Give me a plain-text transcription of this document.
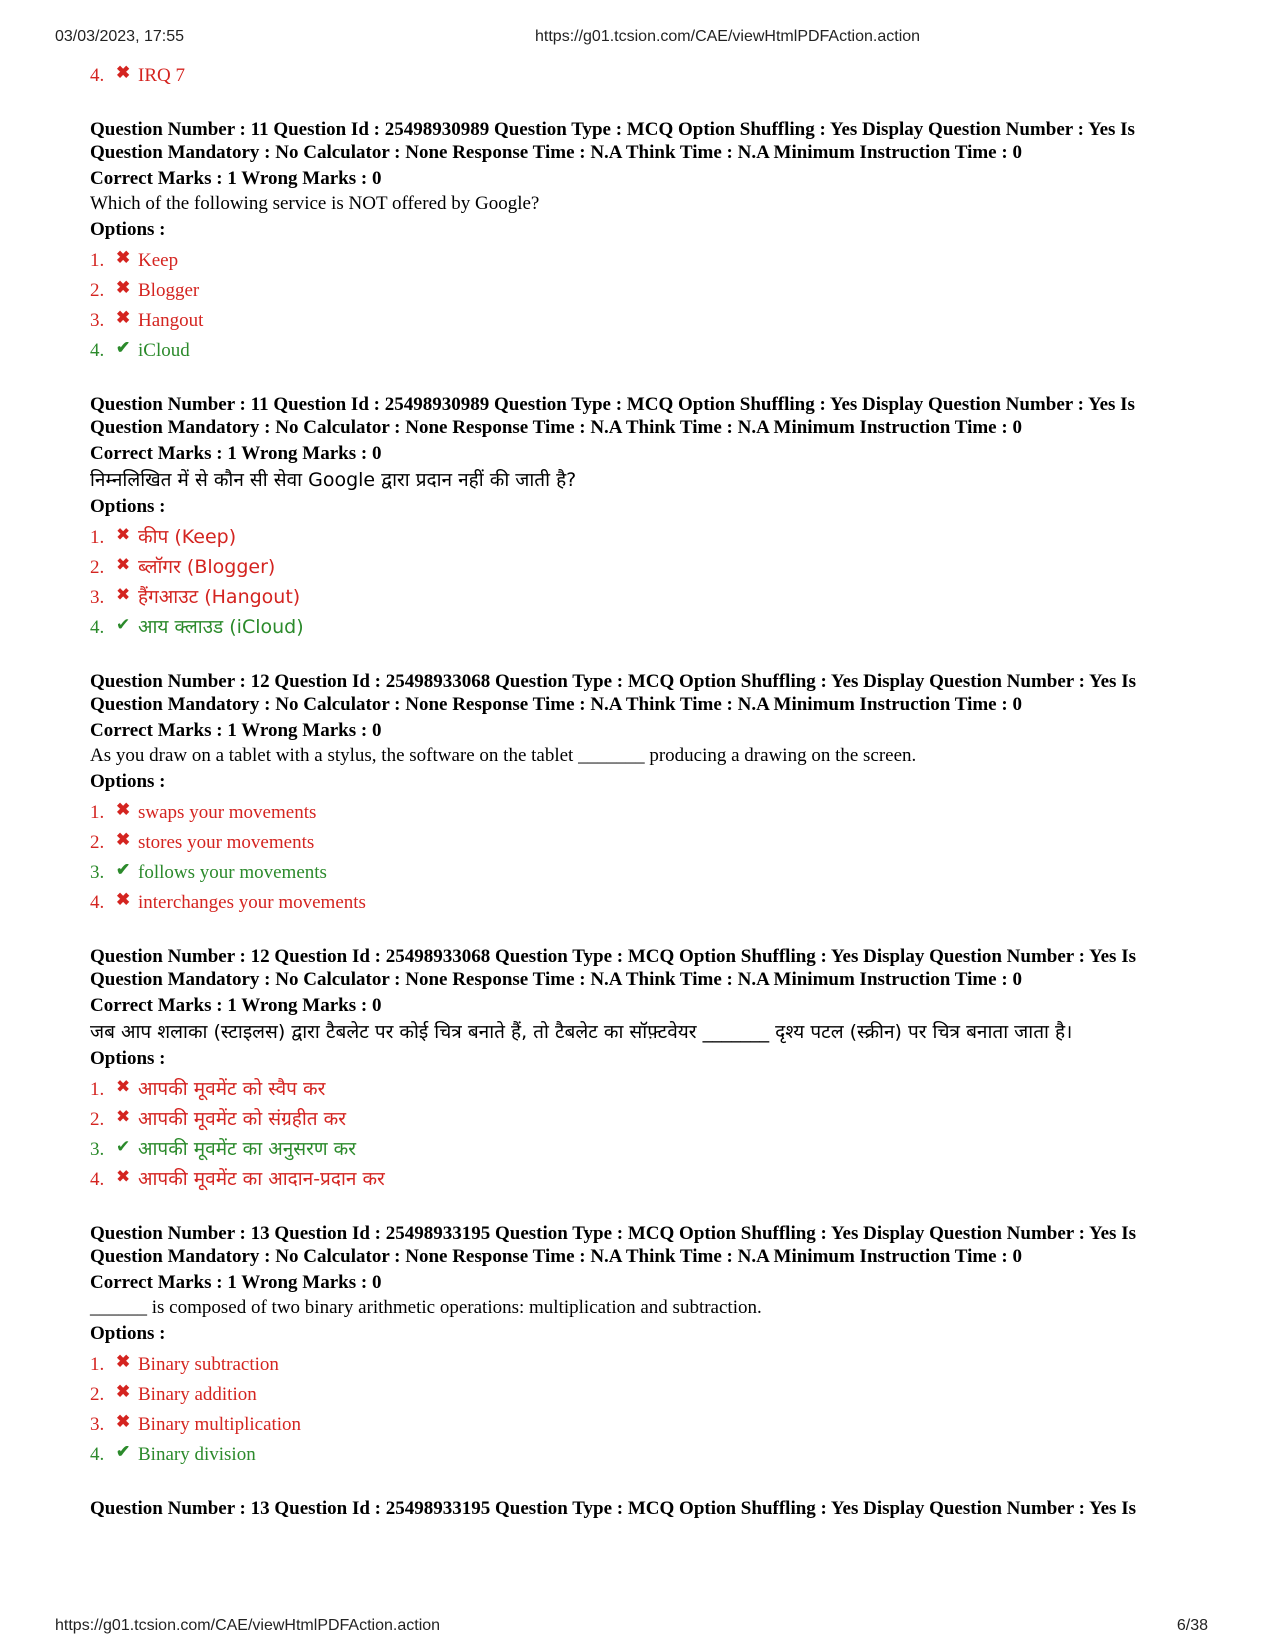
03/03/2023, 17:55	https://g01.tcsion.com/CAE/viewHtmlPDFAction.action
4. ✖ IRQ 7
Question Number : 11 Question Id : 25498930989 Question Type : MCQ Option Shuffling : Yes Display Question Number : Yes Is
Question Mandatory : No Calculator : None Response Time : N.A Think Time : N.A Minimum Instruction Time : 0
Correct Marks : 1 Wrong Marks : 0
Which of the following service is NOT offered by Google?
Options :
1. ✖ Keep
2. ✖ Blogger
3. ✖ Hangout
4. ✔ iCloud
Question Number : 11 Question Id : 25498930989 Question Type : MCQ Option Shuffling : Yes Display Question Number : Yes Is
Question Mandatory : No Calculator : None Response Time : N.A Think Time : N.A Minimum Instruction Time : 0
Correct Marks : 1 Wrong Marks : 0
निम्नलिखित में से कौन सी सेवा Google द्वारा प्रदान नहीं की जाती है?
Options :
1. ✖ कीप (Keep)
2. ✖ ब्लॉगर (Blogger)
3. ✖ हैंगआउट (Hangout)
4. ✔ आय क्लाउड (iCloud)
Question Number : 12 Question Id : 25498933068 Question Type : MCQ Option Shuffling : Yes Display Question Number : Yes Is
Question Mandatory : No Calculator : None Response Time : N.A Think Time : N.A Minimum Instruction Time : 0
Correct Marks : 1 Wrong Marks : 0
As you draw on a tablet with a stylus, the software on the tablet _______ producing a drawing on the screen.
Options :
1. ✖ swaps your movements
2. ✖ stores your movements
3. ✔ follows your movements
4. ✖ interchanges your movements
Question Number : 12 Question Id : 25498933068 Question Type : MCQ Option Shuffling : Yes Display Question Number : Yes Is
Question Mandatory : No Calculator : None Response Time : N.A Think Time : N.A Minimum Instruction Time : 0
Correct Marks : 1 Wrong Marks : 0
जब आप शलाका (स्टाइलस) द्वारा टैबलेट पर कोई चित्र बनाते हैं, तो टैबलेट का सॉफ़्टवेयर _______ दृश्य पटल (स्क्रीन) पर चित्र बनाता जाता है।
Options :
1. ✖ आपकी मूवमेंट को स्वैप कर
2. ✖ आपकी मूवमेंट को संग्रहीत कर
3. ✔ आपकी मूवमेंट का अनुसरण कर
4. ✖ आपकी मूवमेंट का आदान-प्रदान कर
Question Number : 13 Question Id : 25498933195 Question Type : MCQ Option Shuffling : Yes Display Question Number : Yes Is
Question Mandatory : No Calculator : None Response Time : N.A Think Time : N.A Minimum Instruction Time : 0
Correct Marks : 1 Wrong Marks : 0
______ is composed of two binary arithmetic operations: multiplication and subtraction.
Options :
1. ✖ Binary subtraction
2. ✖ Binary addition
3. ✖ Binary multiplication
4. ✔ Binary division
Question Number : 13 Question Id : 25498933195 Question Type : MCQ Option Shuffling : Yes Display Question Number : Yes Is
https://g01.tcsion.com/CAE/viewHtmlPDFAction.action	6/38
